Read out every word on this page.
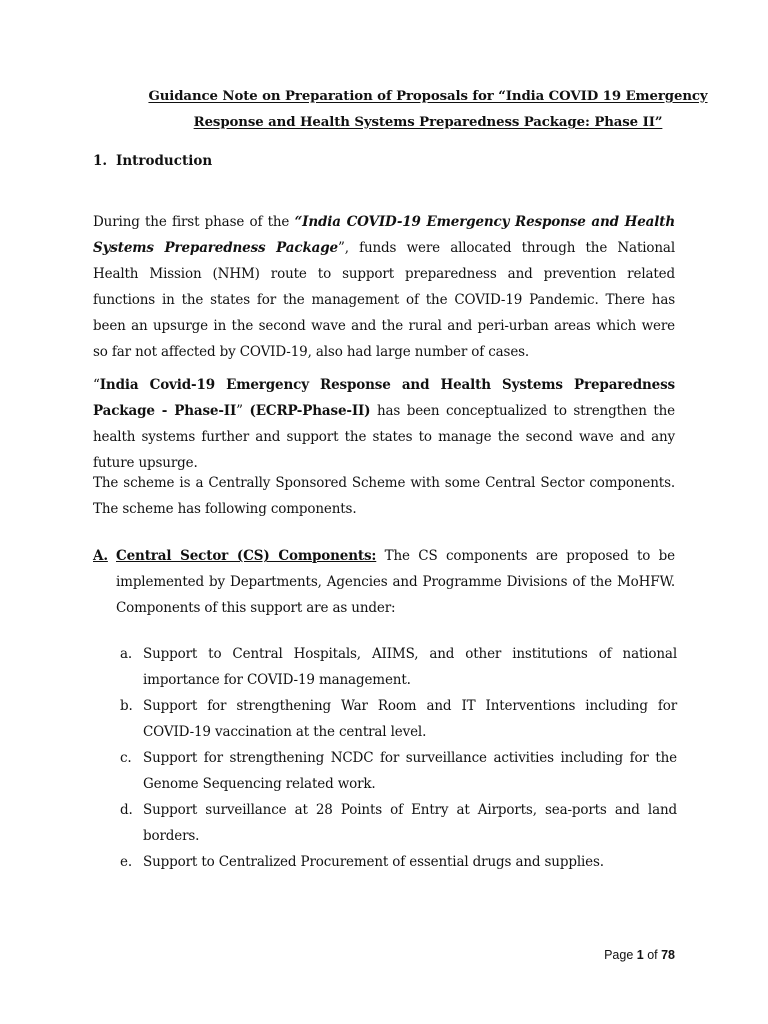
Guidance Note on Preparation of Proposals for “India COVID 19 Emergency
Response and Health Systems Preparedness Package: Phase II”
1. Introduction
During the first phase of the “India COVID-19 Emergency Response and Health Systems Preparedness Package”, funds were allocated through the National Health Mission (NHM) route to support preparedness and prevention related functions in the states for the management of the COVID-19 Pandemic. There has been an upsurge in the second wave and the rural and peri-urban areas which were so far not affected by COVID-19, also had large number of cases.
“India Covid-19 Emergency Response and Health Systems Preparedness Package - Phase-II” (ECRP-Phase-II) has been conceptualized to strengthen the health systems further and support the states to manage the second wave and any future upsurge.
The scheme is a Centrally Sponsored Scheme with some Central Sector components. The scheme has following components.
A. Central Sector (CS) Components: The CS components are proposed to be implemented by Departments, Agencies and Programme Divisions of the MoHFW. Components of this support are as under:
a. Support to Central Hospitals, AIIMS, and other institutions of national importance for COVID-19 management.
b. Support for strengthening War Room and IT Interventions including for COVID-19 vaccination at the central level.
c. Support for strengthening NCDC for surveillance activities including for the Genome Sequencing related work.
d. Support surveillance at 28 Points of Entry at Airports, sea-ports and land borders.
e. Support to Centralized Procurement of essential drugs and supplies.
Page 1 of 78
